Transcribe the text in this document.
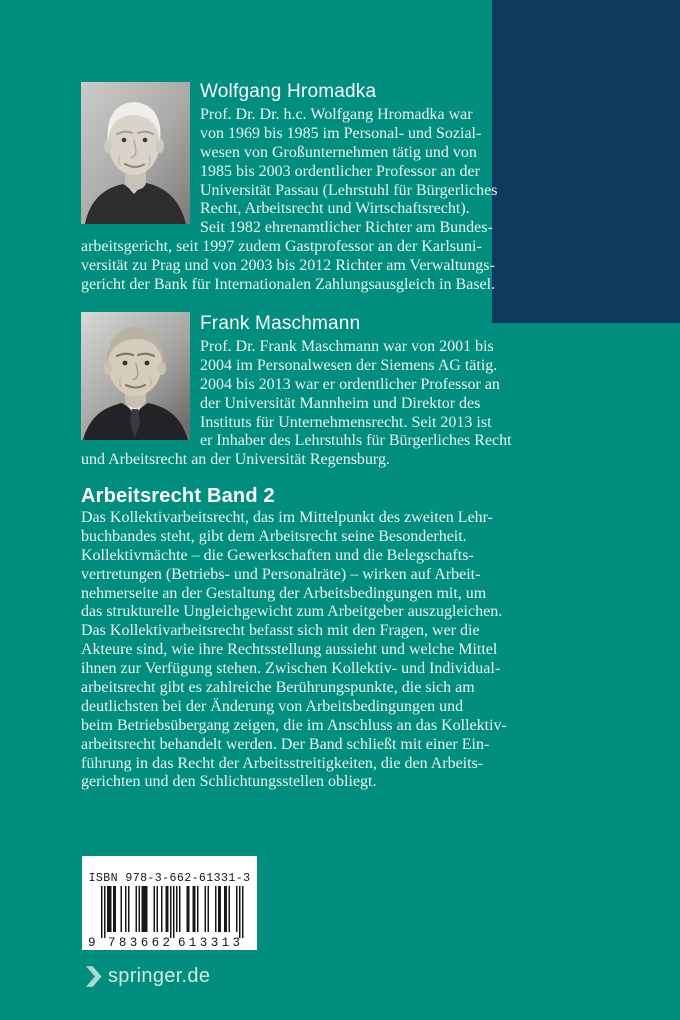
Wolfgang Hromadka
Prof. Dr. Dr. h.c. Wolfgang Hromadka war
von 1969 bis 1985 im Personal- und Sozial-
wesen von Großunternehmen tätig und von
1985 bis 2003 ordentlicher Professor an der
Universität Passau (Lehrstuhl für Bürgerliches
Recht, Arbeitsrecht und Wirtschaftsrecht).
Seit 1982 ehrenamtlicher Richter am Bundes-
arbeitsgericht, seit 1997 zudem Gastprofessor an der Karlsuni-
versität zu Prag und von 2003 bis 2012 Richter am Verwaltungs-
gericht der Bank für Internationalen Zahlungsausgleich in Basel.
Frank Maschmann
Prof. Dr. Frank Maschmann war von 2001 bis
2004 im Personalwesen der Siemens AG tätig.
2004 bis 2013 war er ordentlicher Professor an
der Universität Mannheim und Direktor des
Instituts für Unternehmensrecht. Seit 2013 ist
er Inhaber des Lehrstuhls für Bürgerliches Recht
und Arbeitsrecht an der Universität Regensburg.
Arbeitsrecht Band 2
Das Kollektivarbeitsrecht, das im Mittelpunkt des zweiten Lehr-
buchbandes steht, gibt dem Arbeitsrecht seine Besonderheit.
Kollektivmächte – die Gewerkschaften und die Belegschafts-
vertretungen (Betriebs- und Personalräte) – wirken auf Arbeit-
nehmerseite an der Gestaltung der Arbeitsbedingungen mit, um
das strukturelle Ungleichgewicht zum Arbeitgeber auszugleichen.
Das Kollektivarbeitsrecht befasst sich mit den Fragen, wer die
Akteure sind, wie ihre Rechtsstellung aussieht und welche Mittel
ihnen zur Verfügung stehen. Zwischen Kollektiv- und Individual-
arbeitsrecht gibt es zahlreiche Berührungspunkte, die sich am
deutlichsten bei der Änderung von Arbeitsbedingungen und
beim Betriebsübergang zeigen, die im Anschluss an das Kollektiv-
arbeitsrecht behandelt werden. Der Band schließt mit einer Ein-
führung in das Recht der Arbeitsstreitigkeiten, die den Arbeits-
gerichten und den Schlichtungsstellen obliegt.
ISBN 978-3-662-61331-3
9 783662 613313
springer.de
